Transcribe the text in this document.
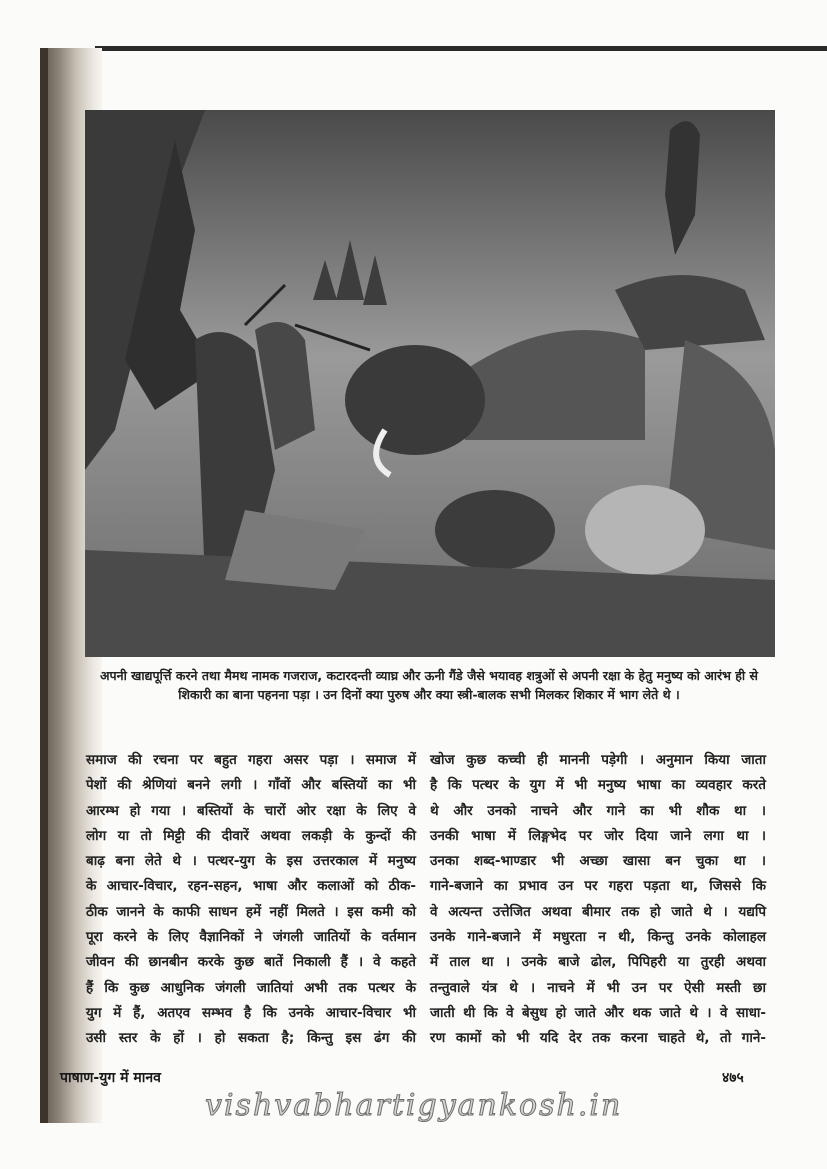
अपनी खाद्यपूर्त्ति करने तथा मैमथ नामक गजराज, कटारदन्ती व्याघ्र और ऊनी गैंडे जैसे भयावह शत्रुओं से अपनी रक्षा के हेतु मनुष्य को आरंभ ही से शिकारी का बाना पहनना पड़ा । उन दिनों क्या पुरुष और क्या स्त्री-बालक सभी मिलकर शिकार में भाग लेते थे ।
समाज की रचना पर बहुत गहरा असर पड़ा । समाज में
पेशों की श्रेणियां बनने लगी । गाँवों और बस्तियों का भी
आरम्भ हो गया । बस्तियों के चारों ओर रक्षा के लिए वे
लोग या तो मिट्टी की दीवारें अथवा लकड़ी के कुन्दों की
बाढ़ बना लेते थे । पत्थर-युग के इस उत्तरकाल में मनुष्य
के आचार-विचार, रहन-सहन, भाषा और कलाओं को ठीक-
ठीक जानने के काफी साधन हमें नहीं मिलते । इस कमी को
पूरा करने के लिए वैज्ञानिकों ने जंगली जातियों के वर्तमान
जीवन की छानबीन करके कुछ बातें निकाली हैं । वे कहते
हैं कि कुछ आधुनिक जंगली जातियां अभी तक पत्थर के
युग में हैं, अतएव सम्भव है कि उनके आचार-विचार भी
उसी स्तर के हों । हो सकता है; किन्तु इस ढंग की
खोज कुछ कच्ची ही माननी पड़ेगी । अनुमान किया जाता
है कि पत्थर के युग में भी मनुष्य भाषा का व्यवहार करते
थे और उनको नाचने और गाने का भी शौक था ।
उनकी भाषा में लिङ्गभेद पर जोर दिया जाने लगा था ।
उनका शब्द-भाण्डार भी अच्छा खासा बन चुका था ।
गाने-बजाने का प्रभाव उन पर गहरा पड़ता था, जिससे कि
वे अत्यन्त उत्तेजित अथवा बीमार तक हो जाते थे । यद्यपि
उनके गाने-बजाने में मधुरता न थी, किन्तु उनके कोलाहल
में ताल था । उनके बाजे ढोल, पिपिहरी या तुरही अथवा
तन्तुवाले यंत्र थे । नाचने में भी उन पर ऐसी मस्ती छा
जाती थी कि वे बेसुध हो जाते और थक जाते थे । वे साधा-
रण कामों को भी यदि देर तक करना चाहते थे, तो गाने-
पाषाण-युग में मानव	४७५
vishvabhartigyankosh.in
